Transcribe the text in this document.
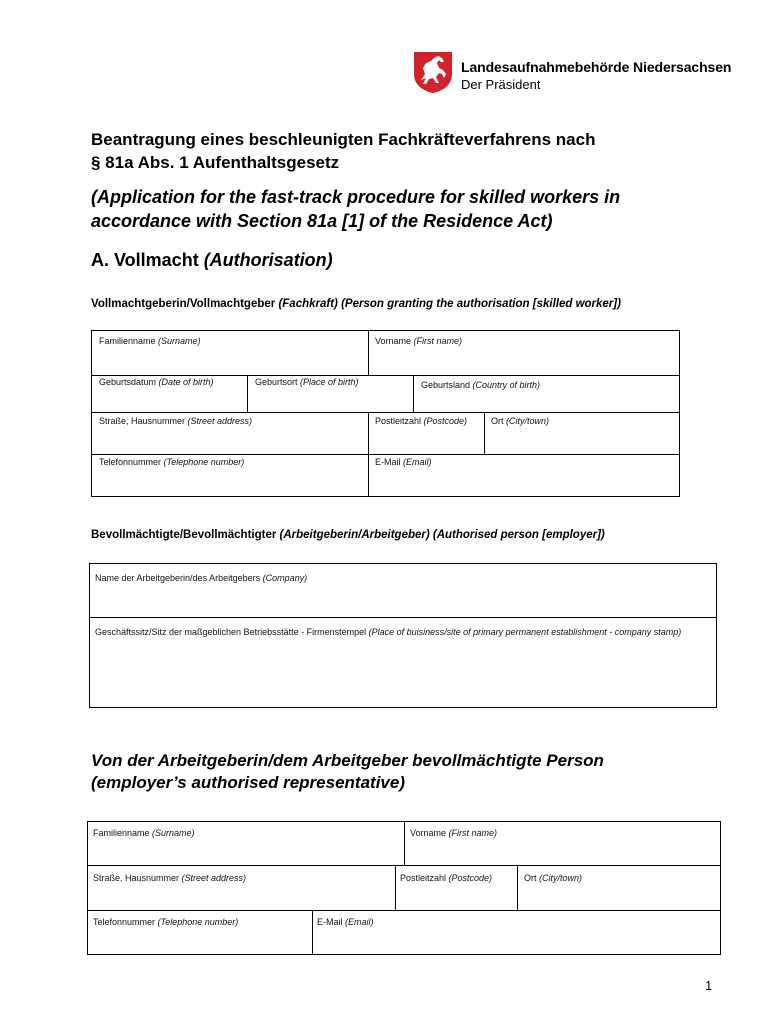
Landesaufnahmebehörde Niedersachsen
Der Präsident
Beantragung eines beschleunigten Fachkräfteverfahrens nach
§ 81a Abs. 1 Aufenthaltsgesetz
(Application for the fast-track procedure for skilled workers in
accordance with Section 81a [1] of the Residence Act)
A. Vollmacht (Authorisation)
Vollmachtgeberin/Vollmachtgeber (Fachkraft) (Person granting the authorisation [skilled worker])
Familienname (Surname)	Vorname (First name)
Geburtsdatum (Date of birth)	Geburtsort (Place of birth)	Geburtsland (Country of birth)
Straße, Hausnummer (Street address)	Postleitzahl (Postcode)	Ort (City/town)
Telefonnummer (Telephone number)	E-Mail (Email)
Bevollmächtigte/Bevollmächtigter (Arbeitgeberin/Arbeitgeber) (Authorised person [employer])
Name der Arbeitgeberin/des Arbeitgebers (Company)
Geschäftssitz/Sitz der maßgeblichen Betriebsstätte - Firmenstempel (Place of buisiness/site of primary permanent establishment - company stamp)
Von der Arbeitgeberin/dem Arbeitgeber bevollmächtigte Person
(employer’s authorised representative)
Familienname (Surname)	Vorname (First name)
Straße, Hausnummer (Street address)	Postleitzahl (Postcode)	Ort (City/town)
Telefonnummer (Telephone number)	E-Mail (Email)
1
